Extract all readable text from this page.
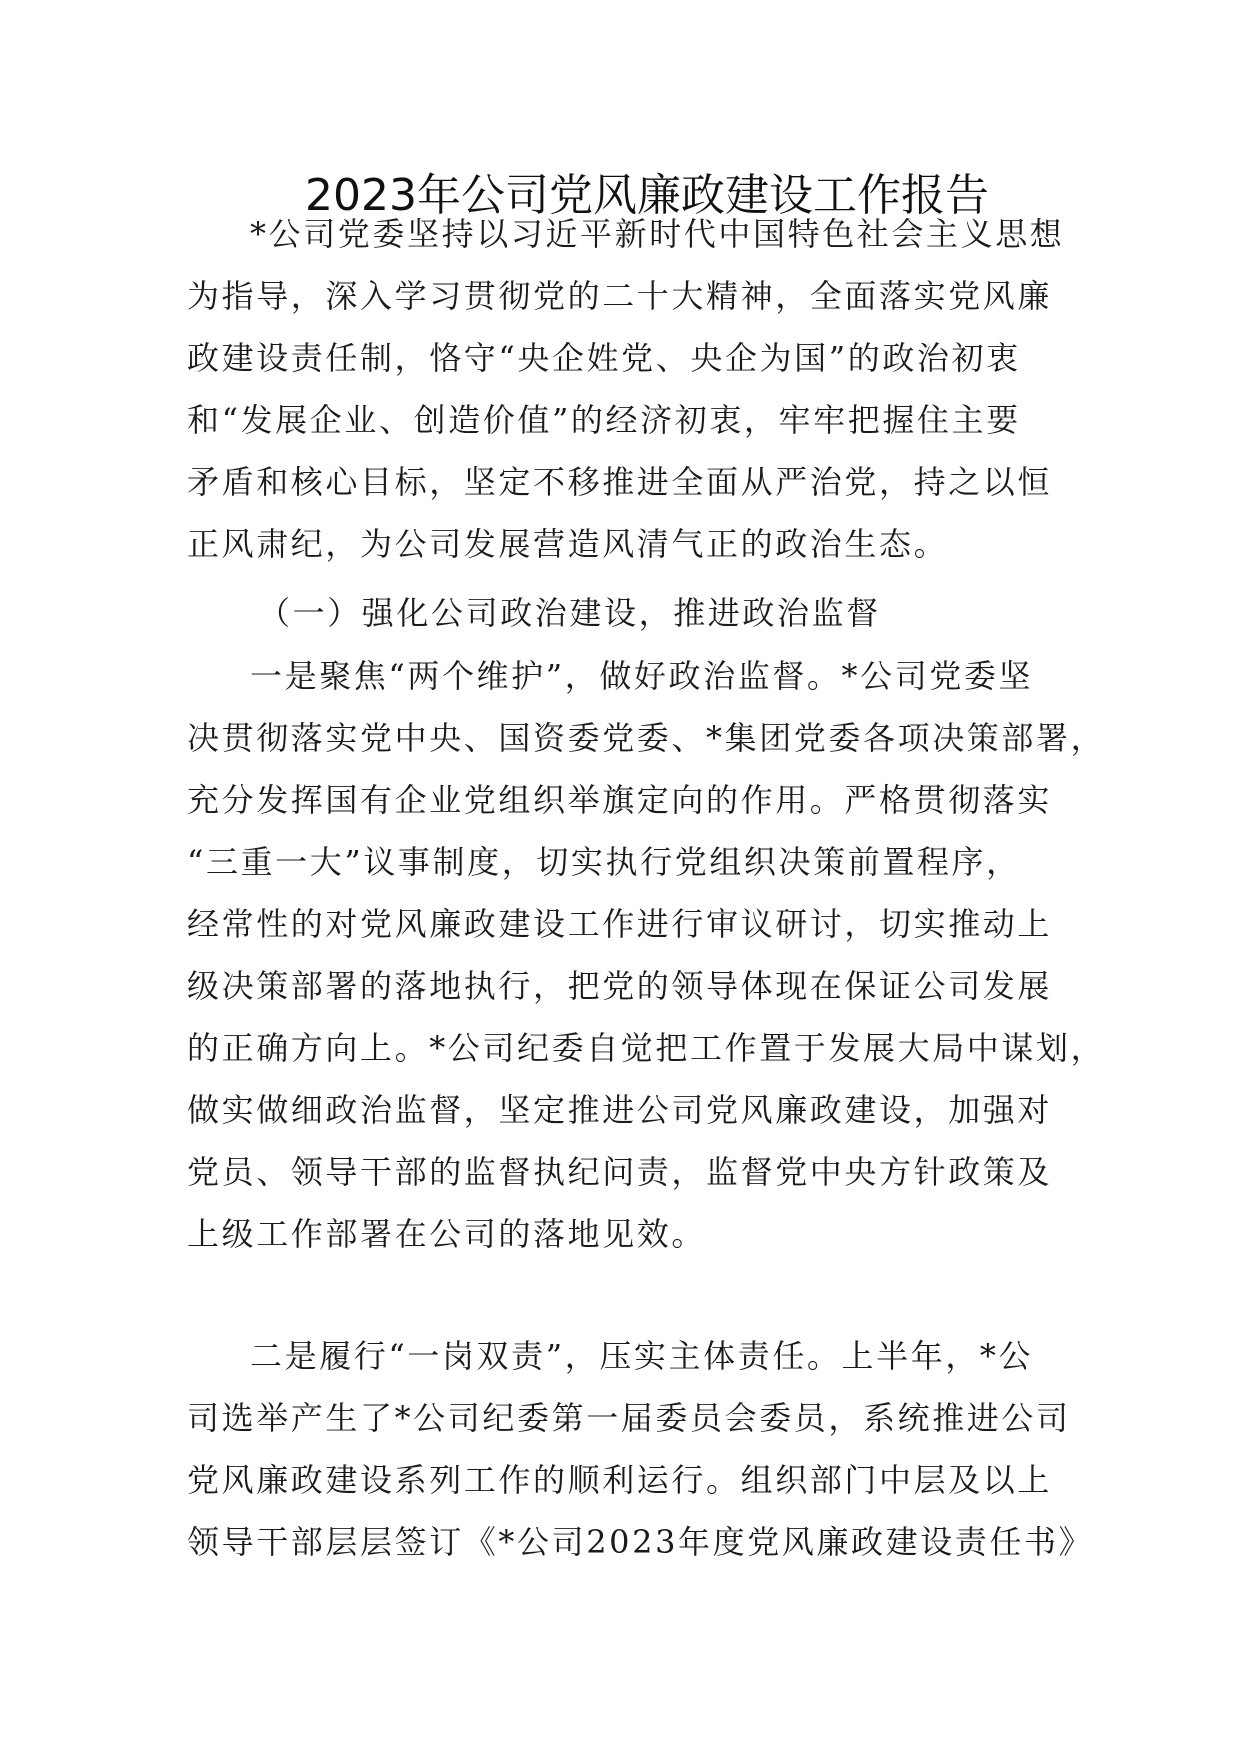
2023年公司党风廉政建设工作报告
*公司党委坚持以习近平新时代中国特色社会主义思想
为指导，深入学习贯彻党的二十大精神，全面落实党风廉
政建设责任制，恪守“央企姓党、央企为国”的政治初衷
和“发展企业、创造价值”的经济初衷，牢牢把握住主要
矛盾和核心目标，坚定不移推进全面从严治党，持之以恒
正风肃纪，为公司发展营造风清气正的政治生态。
（一）强化公司政治建设，推进政治监督
一是聚焦“两个维护”，做好政治监督。*公司党委坚
决贯彻落实党中央、国资委党委、*集团党委各项决策部署，
充分发挥国有企业党组织举旗定向的作用。严格贯彻落实
“三重一大”议事制度，切实执行党组织决策前置程序，
经常性的对党风廉政建设工作进行审议研讨，切实推动上
级决策部署的落地执行，把党的领导体现在保证公司发展
的正确方向上。*公司纪委自觉把工作置于发展大局中谋划，
做实做细政治监督，坚定推进公司党风廉政建设，加强对
党员、领导干部的监督执纪问责，监督党中央方针政策及
上级工作部署在公司的落地见效。
二是履行“一岗双责”，压实主体责任。上半年，*公
司选举产生了*公司纪委第一届委员会委员，系统推进公司
党风廉政建设系列工作的顺利运行。组织部门中层及以上
领导干部层层签订《*公司2023年度党风廉政建设责任书》
